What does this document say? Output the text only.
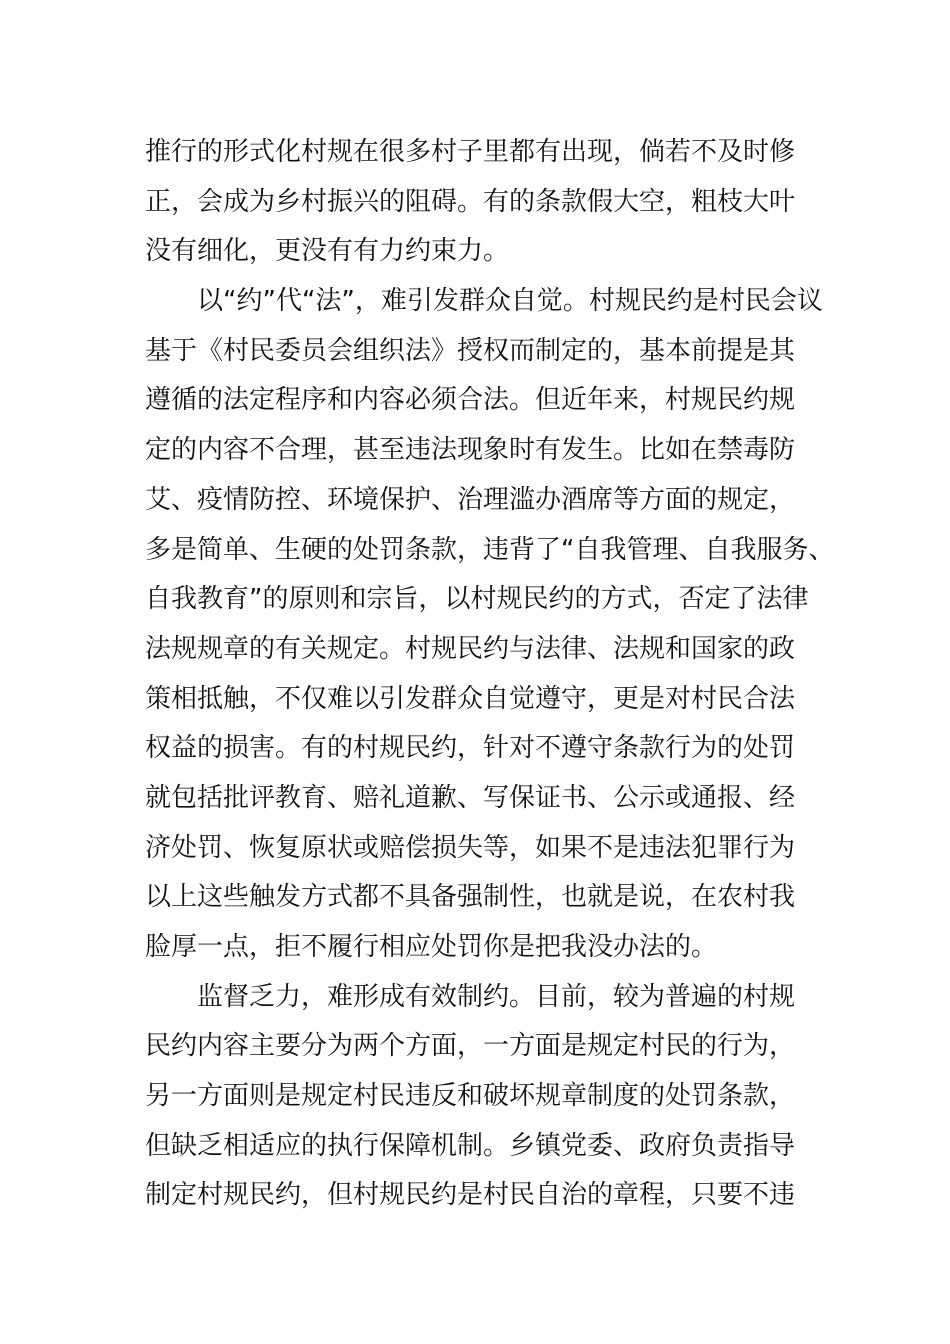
推行的形式化村规在很多村子里都有出现，倘若不及时修
正，会成为乡村振兴的阻碍。有的条款假大空，粗枝大叶
没有细化，更没有有力约束力。
　　以“约”代“法”，难引发群众自觉。村规民约是村民会议
基于《村民委员会组织法》授权而制定的，基本前提是其
遵循的法定程序和内容必须合法。但近年来，村规民约规
定的内容不合理，甚至违法现象时有发生。比如在禁毒防
艾、疫情防控、环境保护、治理滥办酒席等方面的规定，
多是简单、生硬的处罚条款，违背了“自我管理、自我服务、
自我教育”的原则和宗旨，以村规民约的方式，否定了法律
法规规章的有关规定。村规民约与法律、法规和国家的政
策相抵触，不仅难以引发群众自觉遵守，更是对村民合法
权益的损害。有的村规民约，针对不遵守条款行为的处罚
就包括批评教育、赔礼道歉、写保证书、公示或通报、经
济处罚、恢复原状或赔偿损失等，如果不是违法犯罪行为
以上这些触发方式都不具备强制性，也就是说，在农村我
脸厚一点，拒不履行相应处罚你是把我没办法的。
　　监督乏力，难形成有效制约。目前，较为普遍的村规
民约内容主要分为两个方面，一方面是规定村民的行为，
另一方面则是规定村民违反和破坏规章制度的处罚条款，
但缺乏相适应的执行保障机制。乡镇党委、政府负责指导
制定村规民约，但村规民约是村民自治的章程，只要不违
